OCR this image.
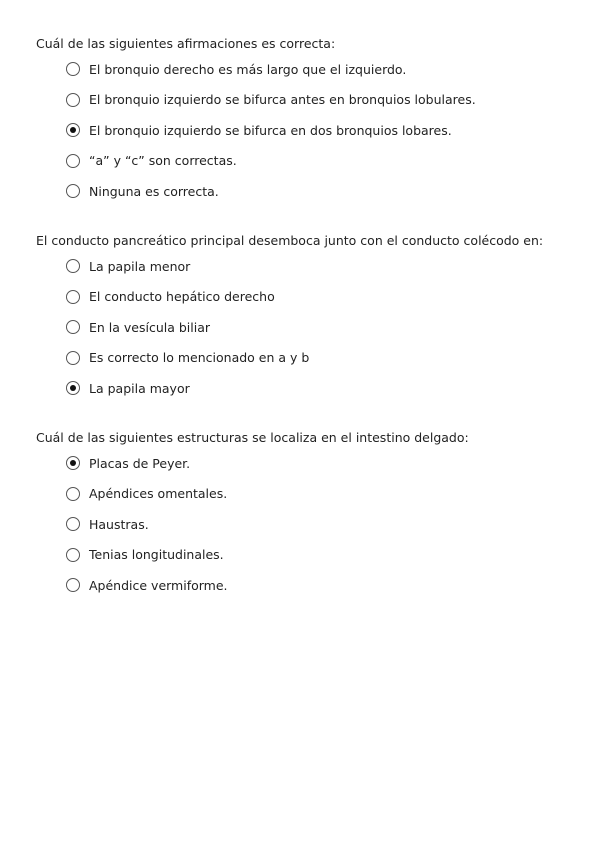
Cuál de las siguientes afirmaciones es correcta:

El bronquio derecho es más largo que el izquierdo.
El bronquio izquierdo se bifurca antes en bronquios lobulares.
El bronquio izquierdo se bifurca en dos bronquios lobares.
“a” y “c” son correctas.
Ninguna es correcta.

El conducto pancreático principal desemboca junto con el conducto colécodo en:

La papila menor
El conducto hepático derecho
En la vesícula biliar
Es correcto lo mencionado en a y b
La papila mayor

Cuál de las siguientes estructuras se localiza en el intestino delgado:

Placas de Peyer.
Apéndices omentales.
Haustras.
Tenias longitudinales.
Apéndice vermiforme.
